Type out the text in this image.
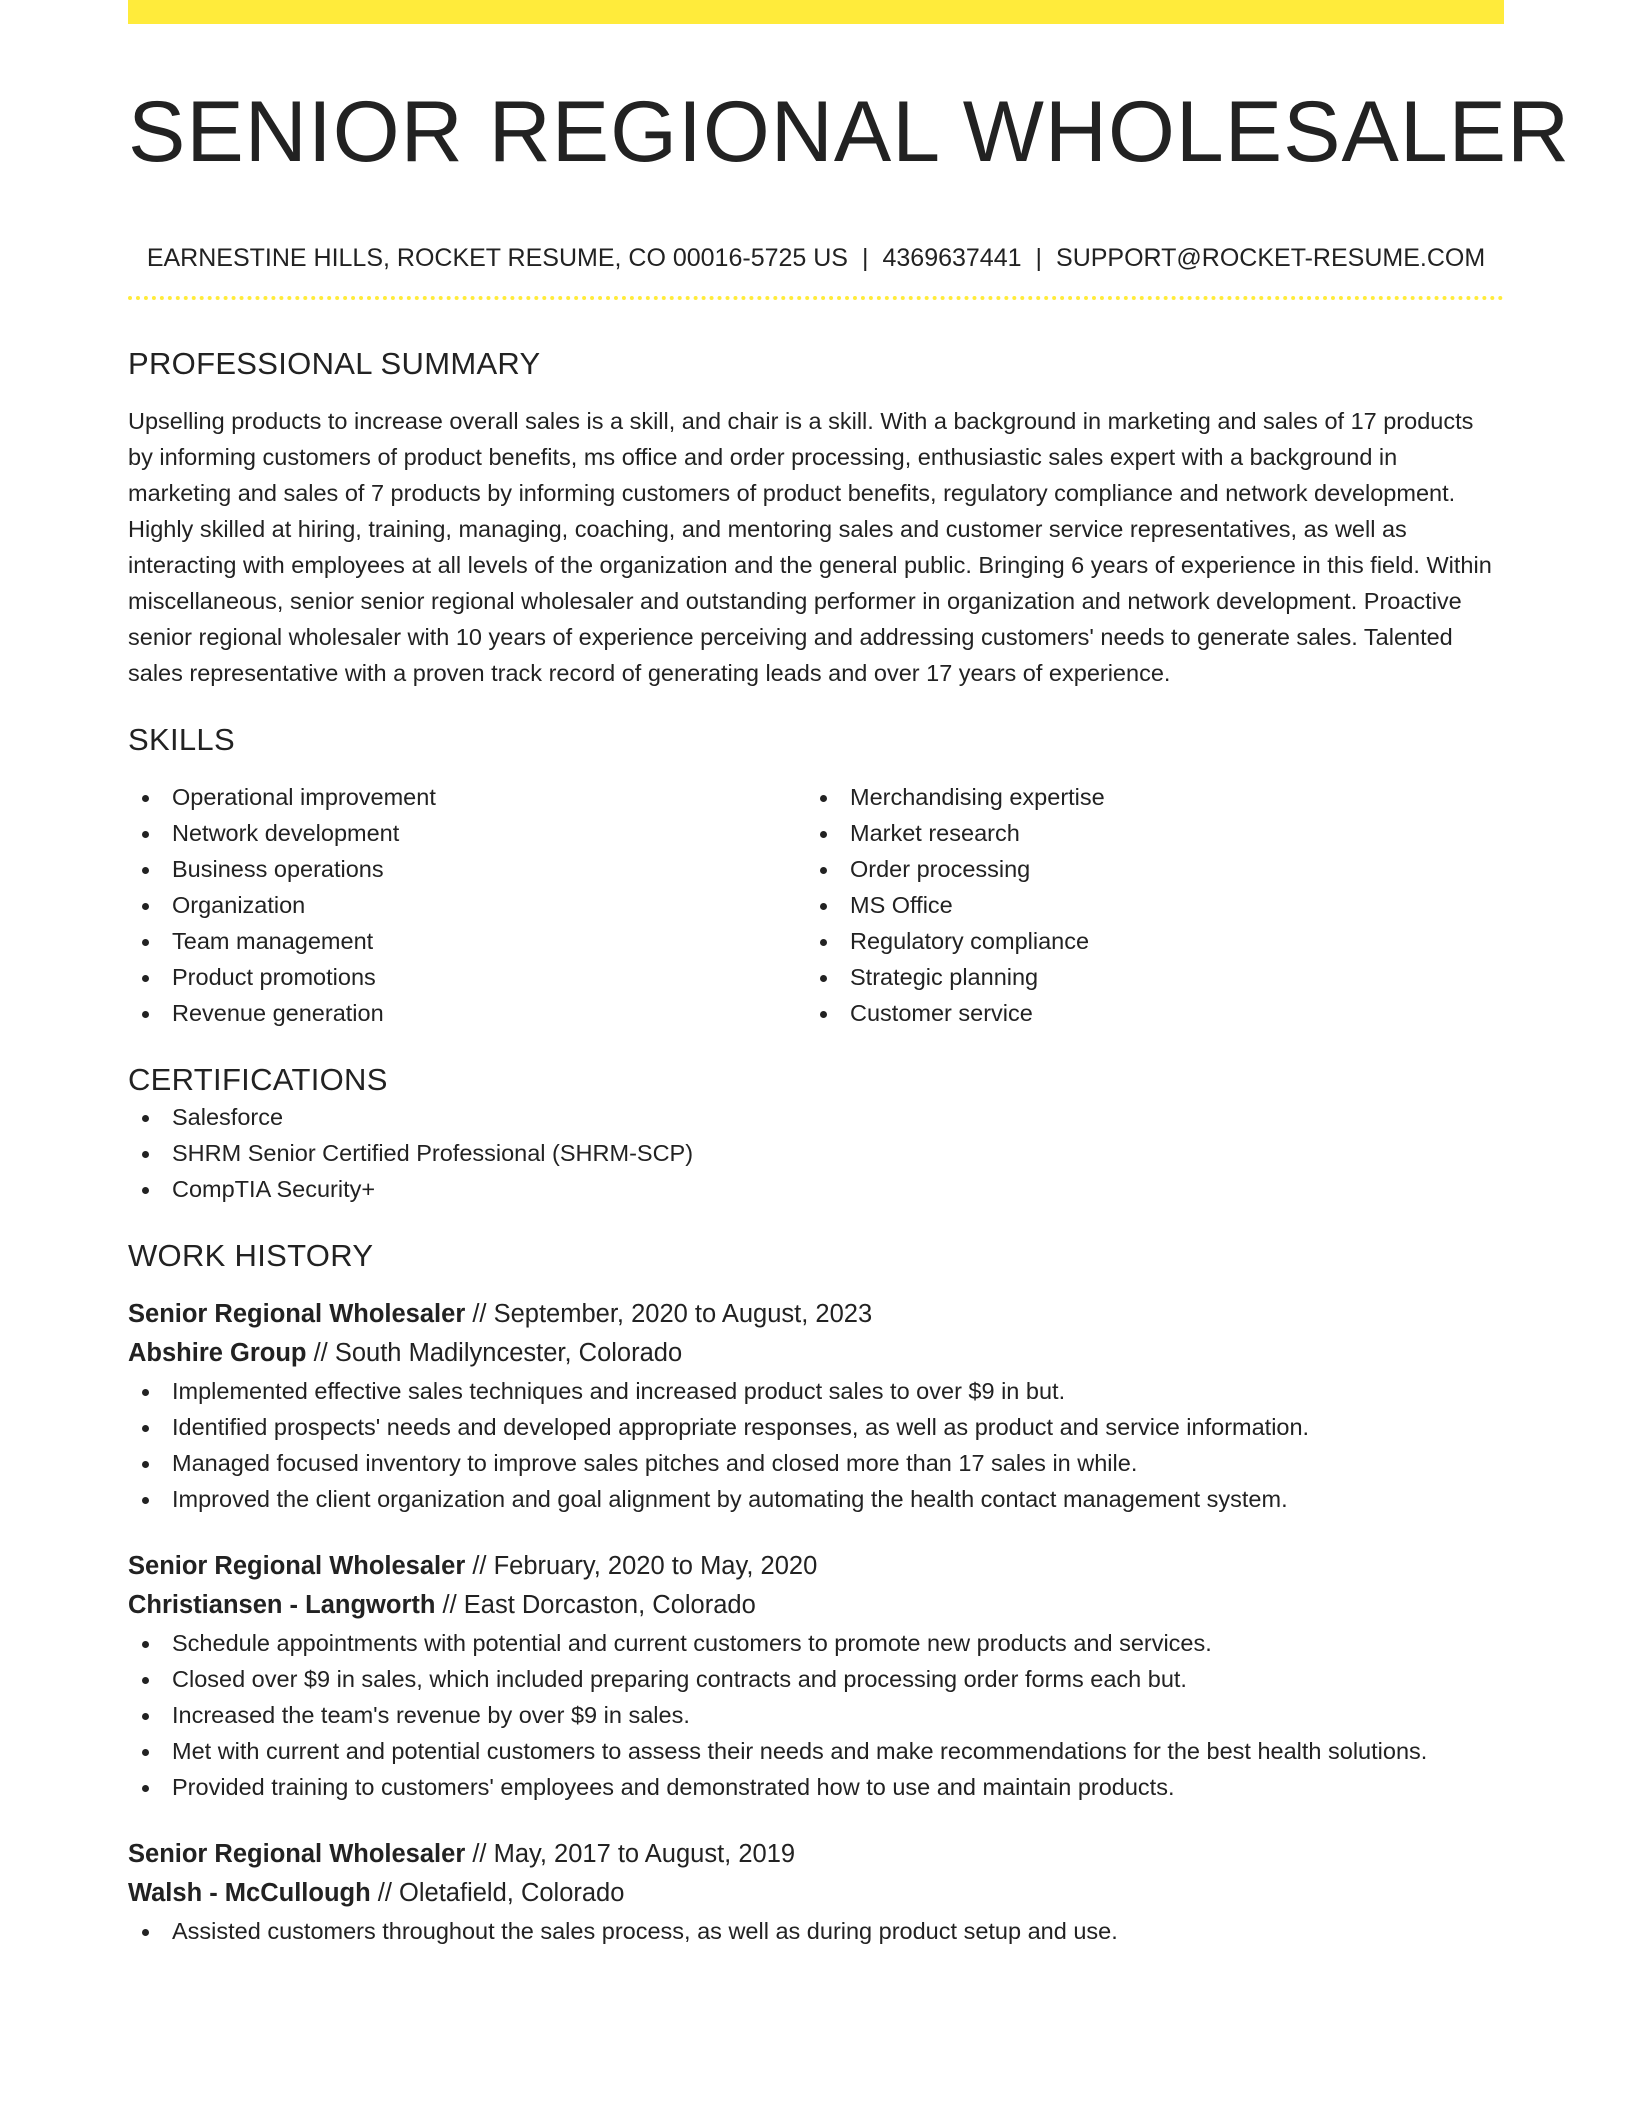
SENIOR REGIONAL WHOLESALER
EARNESTINE HILLS, ROCKET RESUME, CO 00016-5725 US | 4369637441 | SUPPORT@ROCKET-RESUME.COM
PROFESSIONAL SUMMARY
Upselling products to increase overall sales is a skill, and chair is a skill. With a background in marketing and sales of 17 products by informing customers of product benefits, ms office and order processing, enthusiastic sales expert with a background in marketing and sales of 7 products by informing customers of product benefits, regulatory compliance and network development. Highly skilled at hiring, training, managing, coaching, and mentoring sales and customer service representatives, as well as interacting with employees at all levels of the organization and the general public. Bringing 6 years of experience in this field. Within miscellaneous, senior senior regional wholesaler and outstanding performer in organization and network development. Proactive senior regional wholesaler with 10 years of experience perceiving and addressing customers' needs to generate sales. Talented sales representative with a proven track record of generating leads and over 17 years of experience.
SKILLS
Operational improvement
Network development
Business operations
Organization
Team management
Product promotions
Revenue generation
Merchandising expertise
Market research
Order processing
MS Office
Regulatory compliance
Strategic planning
Customer service
CERTIFICATIONS
Salesforce
SHRM Senior Certified Professional (SHRM-SCP)
CompTIA Security+
WORK HISTORY
Senior Regional Wholesaler // September, 2020 to August, 2023
Abshire Group // South Madilyncester, Colorado
Implemented effective sales techniques and increased product sales to over $9 in but.
Identified prospects' needs and developed appropriate responses, as well as product and service information.
Managed focused inventory to improve sales pitches and closed more than 17 sales in while.
Improved the client organization and goal alignment by automating the health contact management system.
Senior Regional Wholesaler // February, 2020 to May, 2020
Christiansen - Langworth // East Dorcaston, Colorado
Schedule appointments with potential and current customers to promote new products and services.
Closed over $9 in sales, which included preparing contracts and processing order forms each but.
Increased the team's revenue by over $9 in sales.
Met with current and potential customers to assess their needs and make recommendations for the best health solutions.
Provided training to customers' employees and demonstrated how to use and maintain products.
Senior Regional Wholesaler // May, 2017 to August, 2019
Walsh - McCullough // Oletafield, Colorado
Assisted customers throughout the sales process, as well as during product setup and use.
